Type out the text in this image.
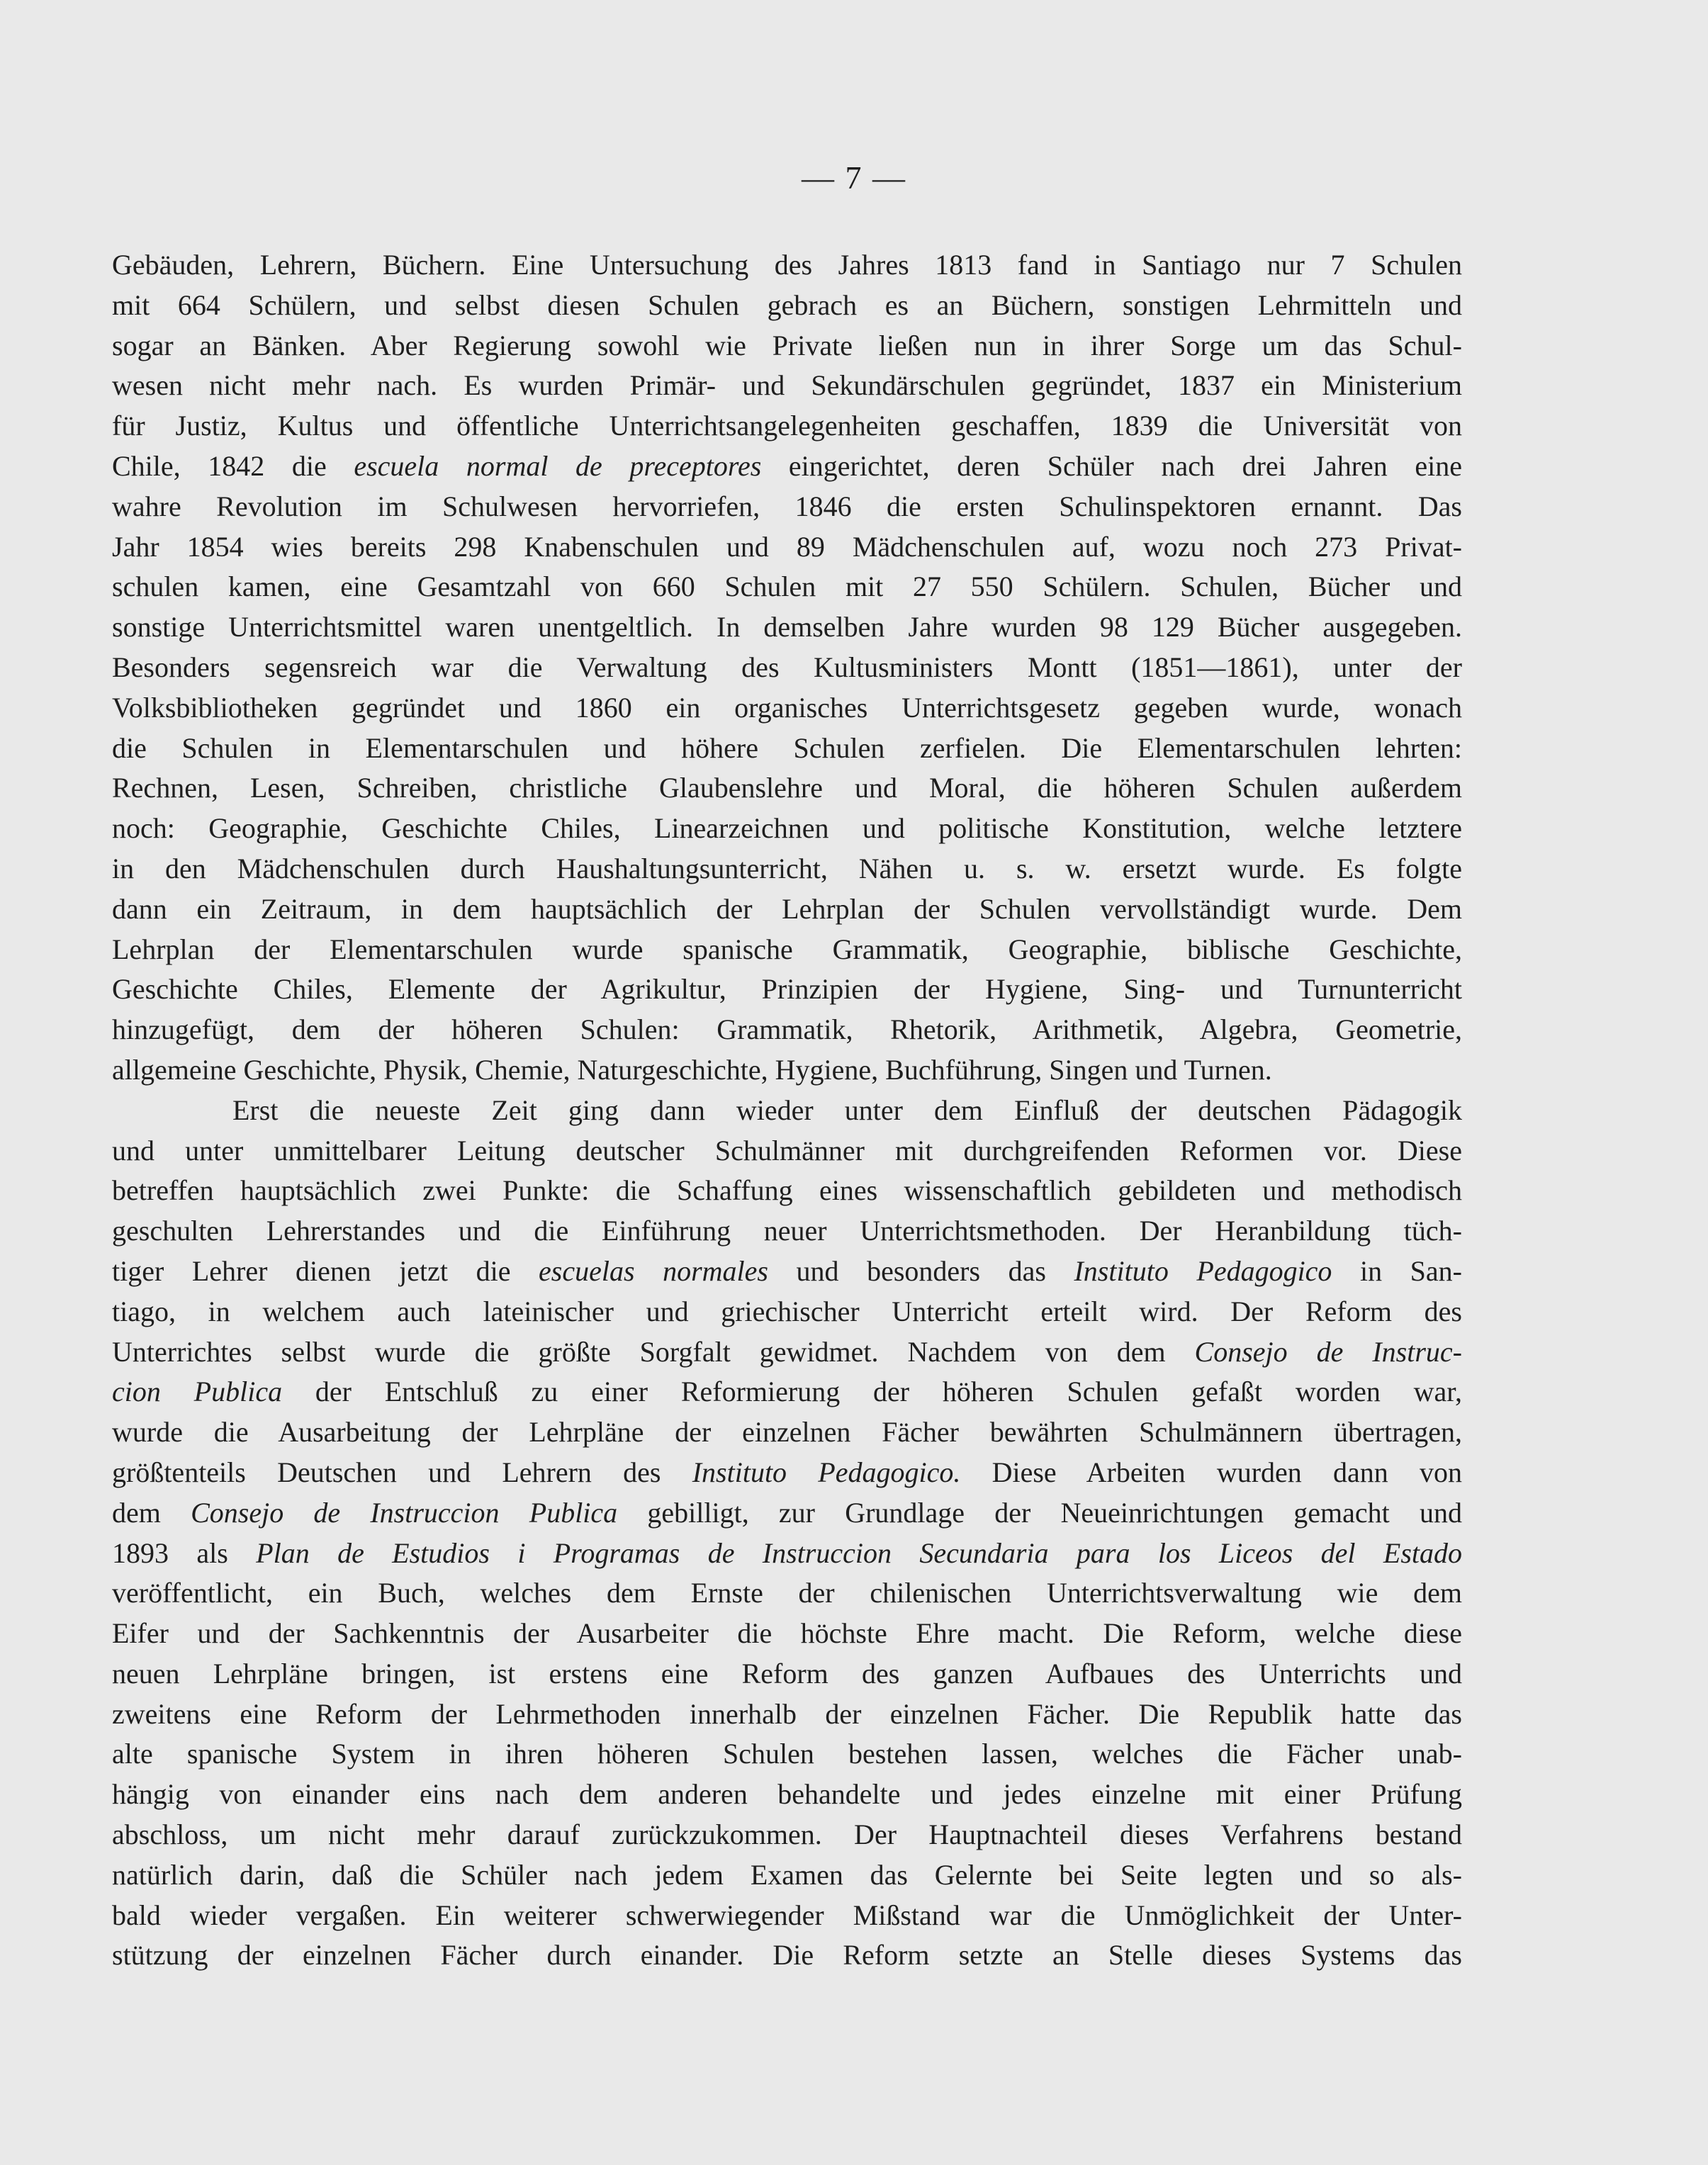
— 7 —
Gebäuden, Lehrern, Büchern. Eine Untersuchung des Jahres 1813 fand in Santiago nur 7 Schulen
mit 664 Schülern, und selbst diesen Schulen gebrach es an Büchern, sonstigen Lehrmitteln und
sogar an Bänken. Aber Regierung sowohl wie Private ließen nun in ihrer Sorge um das Schul-
wesen nicht mehr nach. Es wurden Primär- und Sekundärschulen gegründet, 1837 ein Ministerium
für Justiz, Kultus und öffentliche Unterrichtsangelegenheiten geschaffen, 1839 die Universität von
Chile, 1842 die escuela normal de preceptores eingerichtet, deren Schüler nach drei Jahren eine
wahre Revolution im Schulwesen hervorriefen, 1846 die ersten Schulinspektoren ernannt. Das
Jahr 1854 wies bereits 298 Knabenschulen und 89 Mädchenschulen auf, wozu noch 273 Privat-
schulen kamen, eine Gesamtzahl von 660 Schulen mit 27 550 Schülern. Schulen, Bücher und
sonstige Unterrichtsmittel waren unentgeltlich. In demselben Jahre wurden 98 129 Bücher ausgegeben.
Besonders segensreich war die Verwaltung des Kultusministers Montt (1851—1861), unter der
Volksbibliotheken gegründet und 1860 ein organisches Unterrichtsgesetz gegeben wurde, wonach
die Schulen in Elementarschulen und höhere Schulen zerfielen. Die Elementarschulen lehrten:
Rechnen, Lesen, Schreiben, christliche Glaubenslehre und Moral, die höheren Schulen außerdem
noch: Geographie, Geschichte Chiles, Linearzeichnen und politische Konstitution, welche letztere
in den Mädchenschulen durch Haushaltungsunterricht, Nähen u. s. w. ersetzt wurde. Es folgte
dann ein Zeitraum, in dem hauptsächlich der Lehrplan der Schulen vervollständigt wurde. Dem
Lehrplan der Elementarschulen wurde spanische Grammatik, Geographie, biblische Geschichte,
Geschichte Chiles, Elemente der Agrikultur, Prinzipien der Hygiene, Sing- und Turnunterricht
hinzugefügt, dem der höheren Schulen: Grammatik, Rhetorik, Arithmetik, Algebra, Geometrie,
allgemeine Geschichte, Physik, Chemie, Naturgeschichte, Hygiene, Buchführung, Singen und Turnen.
Erst die neueste Zeit ging dann wieder unter dem Einfluß der deutschen Pädagogik
und unter unmittelbarer Leitung deutscher Schulmänner mit durchgreifenden Reformen vor. Diese
betreffen hauptsächlich zwei Punkte: die Schaffung eines wissenschaftlich gebildeten und methodisch
geschulten Lehrerstandes und die Einführung neuer Unterrichtsmethoden. Der Heranbildung tüch-
tiger Lehrer dienen jetzt die escuelas normales und besonders das Instituto Pedagogico in San-
tiago, in welchem auch lateinischer und griechischer Unterricht erteilt wird. Der Reform des
Unterrichtes selbst wurde die größte Sorgfalt gewidmet. Nachdem von dem Consejo de Instruc-
cion Publica der Entschluß zu einer Reformierung der höheren Schulen gefaßt worden war,
wurde die Ausarbeitung der Lehrpläne der einzelnen Fächer bewährten Schulmännern übertragen,
größtenteils Deutschen und Lehrern des Instituto Pedagogico. Diese Arbeiten wurden dann von
dem Consejo de Instruccion Publica gebilligt, zur Grundlage der Neueinrichtungen gemacht und
1893 als Plan de Estudios i Programas de Instruccion Secundaria para los Liceos del Estado
veröffentlicht, ein Buch, welches dem Ernste der chilenischen Unterrichtsverwaltung wie dem
Eifer und der Sachkenntnis der Ausarbeiter die höchste Ehre macht. Die Reform, welche diese
neuen Lehrpläne bringen, ist erstens eine Reform des ganzen Aufbaues des Unterrichts und
zweitens eine Reform der Lehrmethoden innerhalb der einzelnen Fächer. Die Republik hatte das
alte spanische System in ihren höheren Schulen bestehen lassen, welches die Fächer unab-
hängig von einander eins nach dem anderen behandelte und jedes einzelne mit einer Prüfung
abschloss, um nicht mehr darauf zurückzukommen. Der Hauptnachteil dieses Verfahrens bestand
natürlich darin, daß die Schüler nach jedem Examen das Gelernte bei Seite legten und so als-
bald wieder vergaßen. Ein weiterer schwerwiegender Mißstand war die Unmöglichkeit der Unter-
stützung der einzelnen Fächer durch einander. Die Reform setzte an Stelle dieses Systems das
